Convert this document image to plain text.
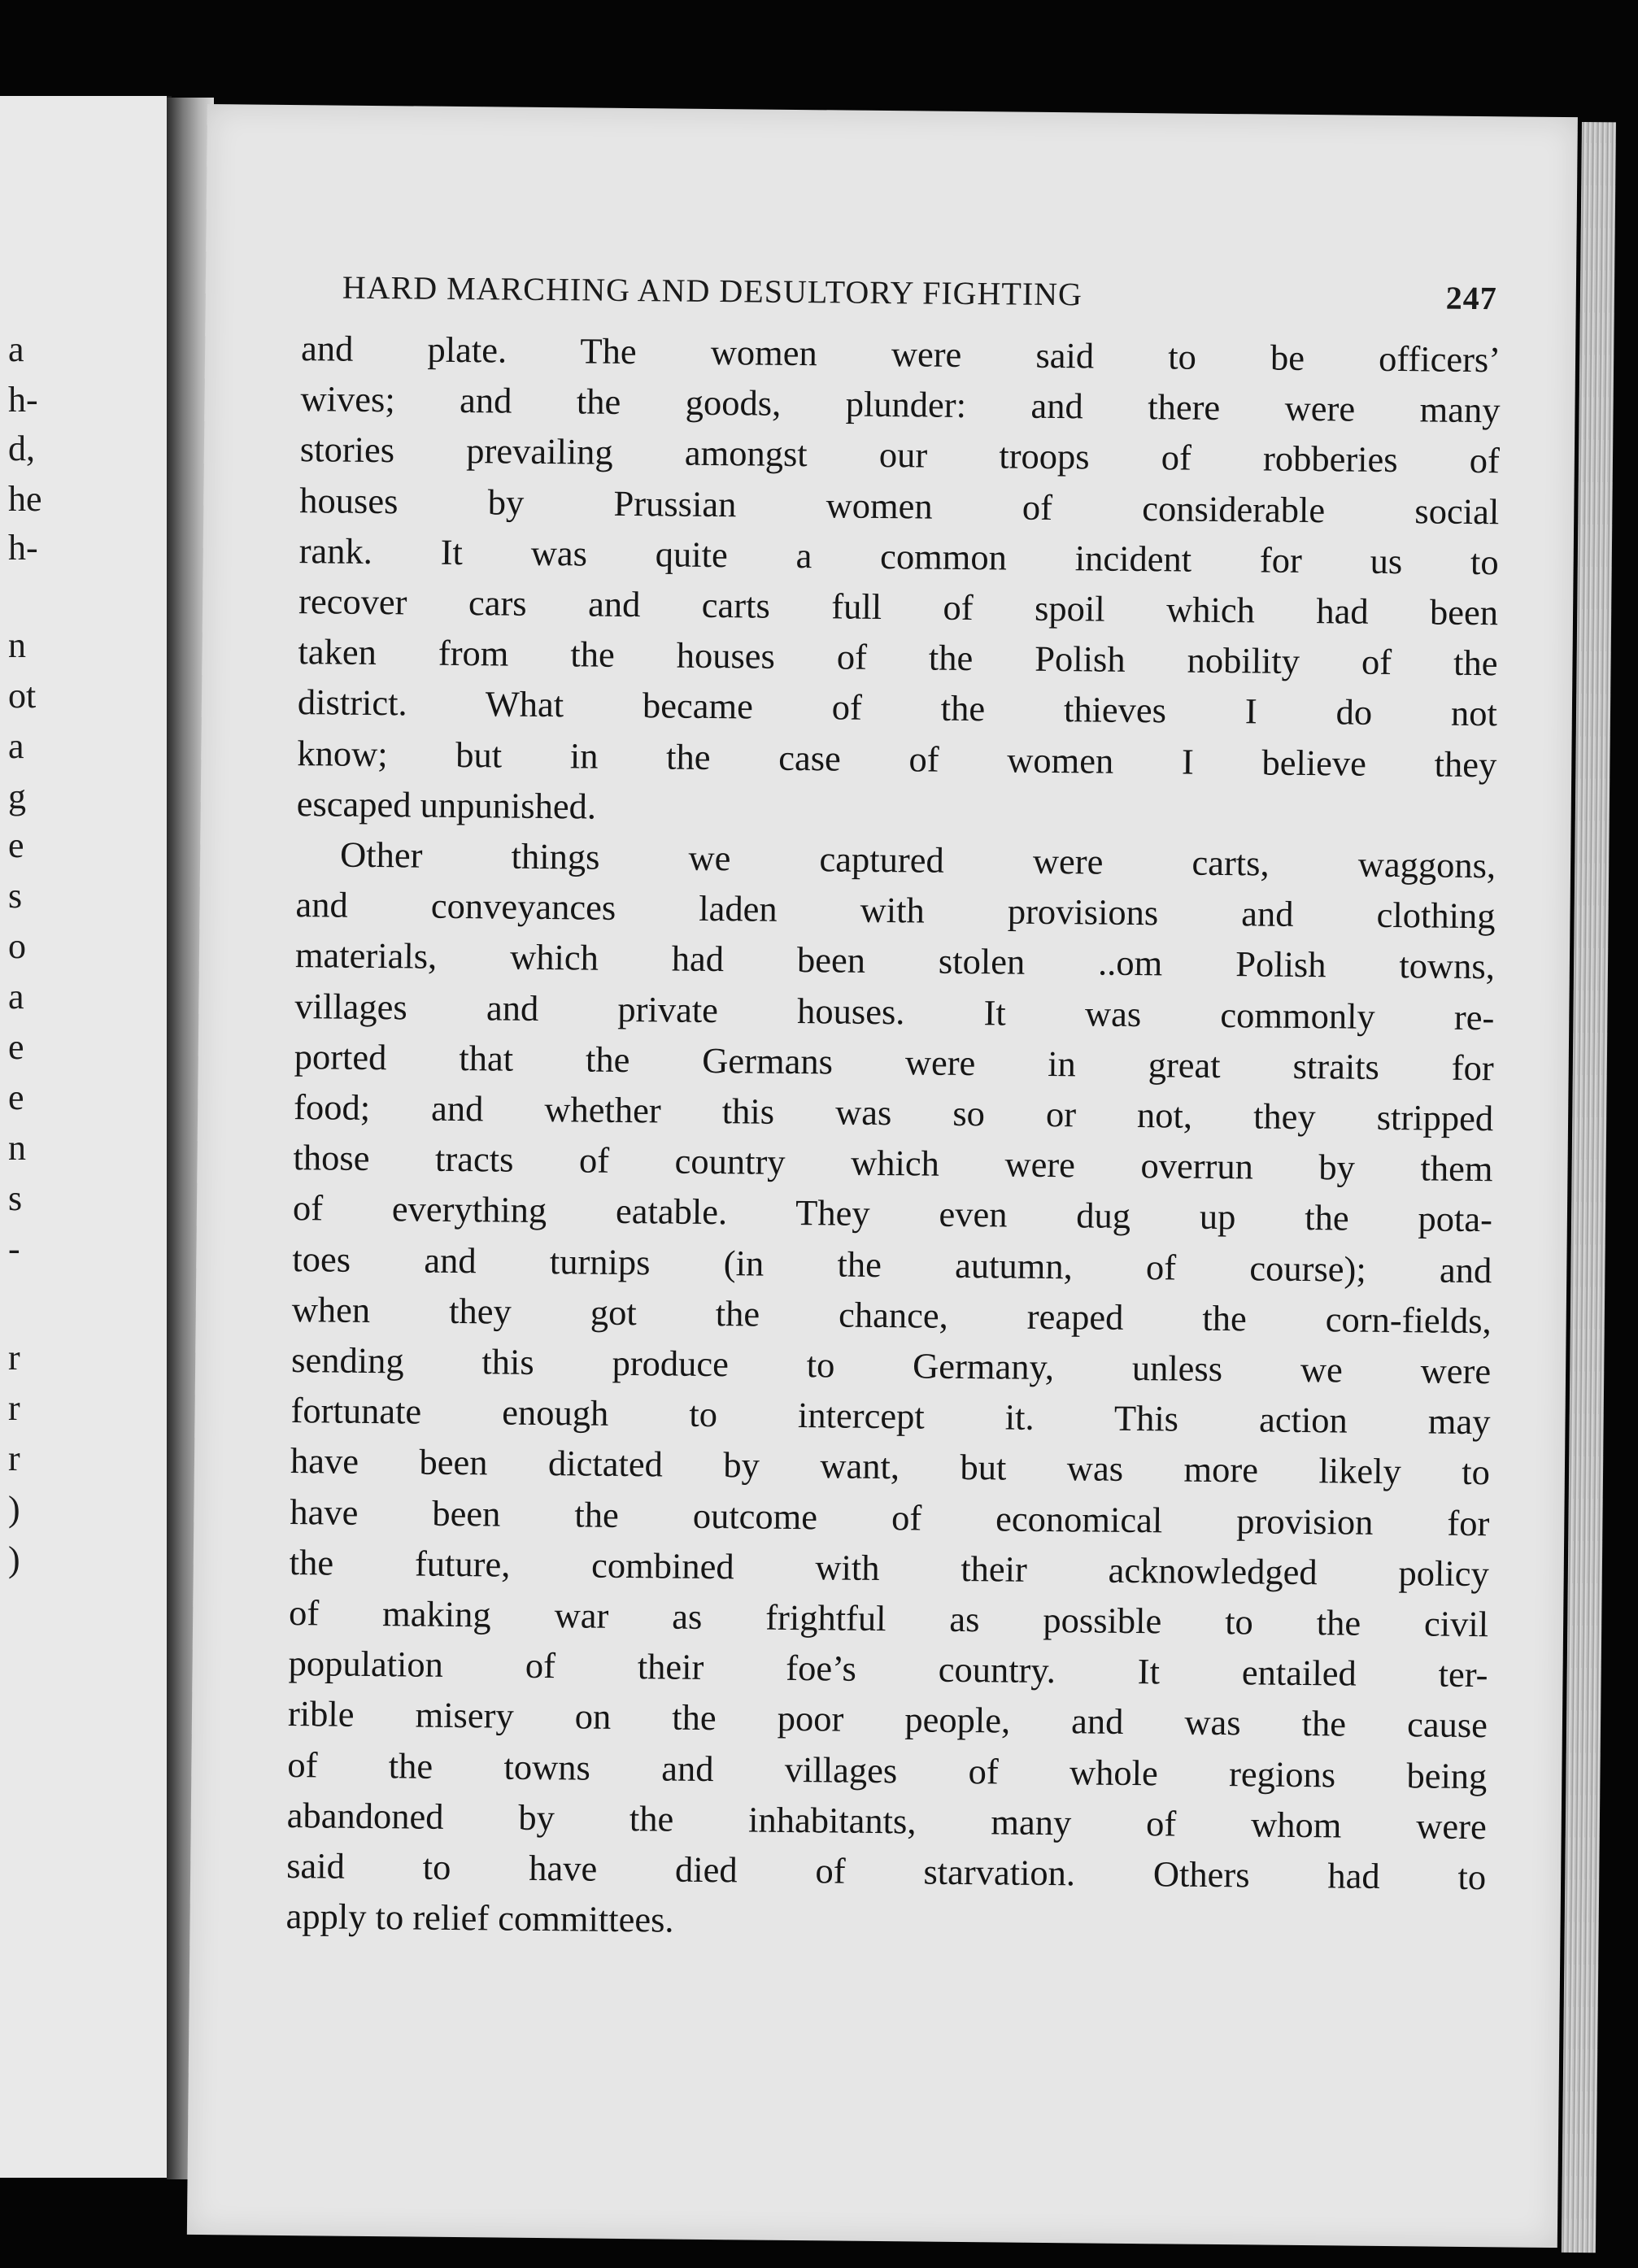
a
h-
d,
he
h-
n
ot
a
g
e
s
o
a
e
e
n
s
-
r
r
r
)
)
HARD MARCHING AND DESULTORY FIGHTING	247

and plate. The women were said to be officers’
wives; and the goods, plunder: and there were many
stories prevailing amongst our troops of robberies of
houses by Prussian women of considerable social
rank. It was quite a common incident for us to
recover cars and carts full of spoil which had been
taken from the houses of the Polish nobility of the
district. What became of the thieves I do not
know; but in the case of women I believe they
escaped unpunished.

Other things we captured were carts, waggons,
and conveyances laden with provisions and clothing
materials, which had been stolen ..om Polish towns,
villages and private houses. It was commonly re-
ported that the Germans were in great straits for
food; and whether this was so or not, they stripped
those tracts of country which were overrun by them
of everything eatable. They even dug up the pota-
toes and turnips (in the autumn, of course); and
when they got the chance, reaped the corn-fields,
sending this produce to Germany, unless we were
fortunate enough to intercept it. This action may
have been dictated by want, but was more likely to
have been the outcome of economical provision for
the future, combined with their acknowledged policy
of making war as frightful as possible to the civil
population of their foe’s country. It entailed ter-
rible misery on the poor people, and was the cause
of the towns and villages of whole regions being
abandoned by the inhabitants, many of whom were
said to have died of starvation. Others had to
apply to relief committees.
